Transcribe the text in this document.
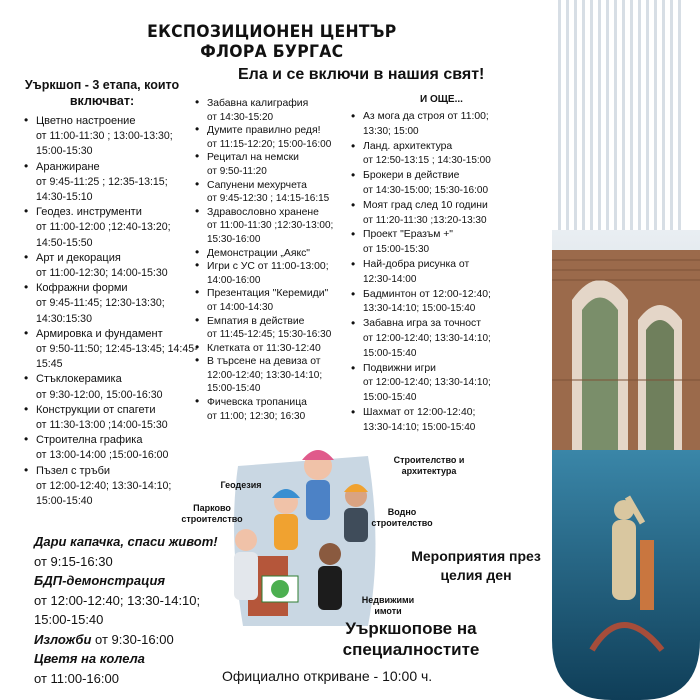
ЕКСПОЗИЦИОНЕН ЦЕНТЪР ФЛОРА БУРГАС
Ела и се включи в нашия свят!
И ОЩЕ...
Уъркшоп - 3 етапа, които включват:
• Цветно настроение
от 11:00-11:30 ; 13:00-13:30; 15:00-15:30
• Аранжиране
от 9:45-11:25 ; 12:35-13:15; 14:30-15:10
• Геодез. инструменти
от 11:00-12:00 ;12:40-13:20; 14:50-15:50
• Арт и декорация
от 11:00-12:30; 14:00-15:30
• Кофражни форми
от 9:45-11:45; 12:30-13:30; 14:30:15:30
• Армировка и фундамент
от 9:50-11:50; 12:45-13:45; 14:45-15:45
• Стъклокерамика
от 9:30-12:00, 15:00-16:30
• Конструкции от спагети
от 11:30-13:00 ;14:00-15:30
• Строителна графика
от 13:00-14:00 ;15:00-16:00
• Пъзел с тръби
от 12:00-12:40; 13:30-14:10; 15:00-15:40
• Забавна калиграфия
от 14:30-15:20
• Думите правилно редя!
от 11:15-12:20; 15:00-16:00
• Рецитал на немски
от 9:50-11:20
• Сапунени мехурчета
от 9:45-12:30 ; 14:15-16:15
• Здравословно хранене
от 11:00-11:30 ;12:30-13:00; 15:30-16:00
• Демонстрации „Аякс"
• Игри с УС от 11:00-13:00;
14:00-16:00
• Презентация "Керемиди"
от 14:00-14:30
• Емпатия в действие
от 11:45-12:45; 15:30-16:30
• Клетката от 11:30-12:40
• В търсене на девиза от
12:00-12:40; 13:30-14:10; 15:00-15:40
• Фичевска тропаница
от 11:00; 12:30; 16:30
• Аз мога да строя от 11:00;
13:30; 15:00
• Ланд. архитектура
от 12:50-13:15 ; 14:30-15:00
• Брокери в действие
от 14:30-15:00; 15:30-16:00
• Моят град след 10 години
от 11:20-11:30 ;13:20-13:30
• Проект "Еразъм +"
от 15:00-15:30
• Най-добра рисунка от
12:30-14:00
• Бадминтон от 12:00-12:40;
13:30-14:10; 15:00-15:40
• Забавна игра за точност
от 12:00-12:40; 13:30-14:10; 15:00-15:40
• Подвижни игри
от 12:00-12:40; 13:30-14:10; 15:00-15:40
• Шахмат от 12:00-12:40;
13:30-14:10; 15:00-15:40
Геодезия
Парково строителство
Строителство и архитектура
Водно строителство
Недвижими имоти
Дари капачка, спаси живот!
от 9:15-16:30
БДП-демонстрация
от 12:00-12:40; 13:30-14:10; 15:00-15:40
Изложби от 9:30-16:00
Цветя на колела
от 11:00-16:00
Мероприятия през целия ден
Уъркшопове на специалностите
Официално откриване - 10:00 ч.
